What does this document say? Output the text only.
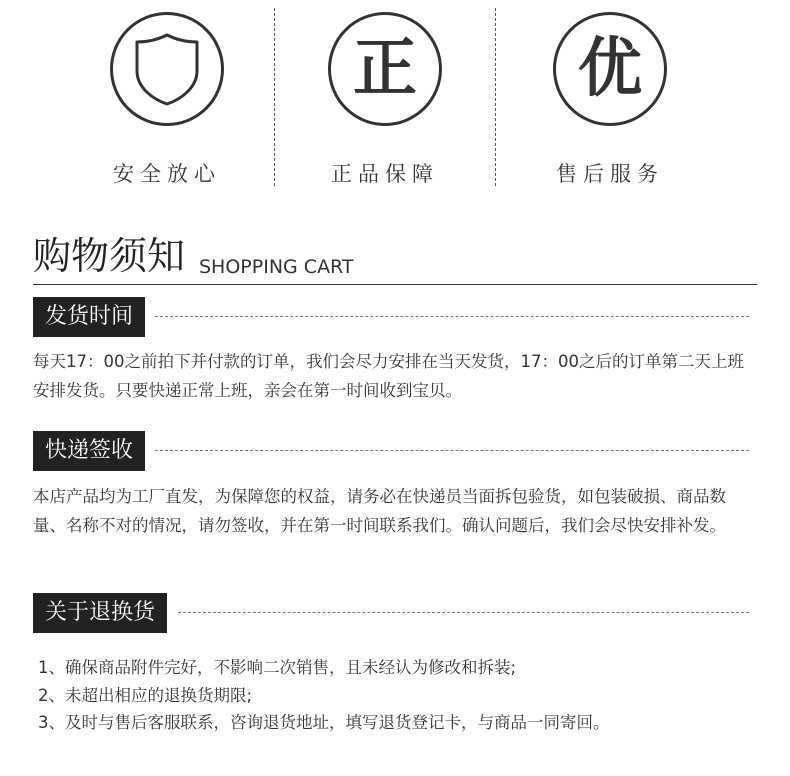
安全放心
正
正品保障
优
售后服务
购物须知 SHOPPING CART
发货时间
每天17：00之前拍下并付款的订单，我们会尽力安排在当天发货，17：00之后的订单第二天上班安排发货。只要快递正常上班，亲会在第一时间收到宝贝。
快递签收
本店产品均为工厂直发，为保障您的权益，请务必在快递员当面拆包验货，如包装破损、商品数量、名称不对的情况，请勿签收，并在第一时间联系我们。确认问题后，我们会尽快安排补发。
关于退换货
1、确保商品附件完好，不影响二次销售，且未经认为修改和拆装;
2、未超出相应的退换货期限;
3、及时与售后客服联系，咨询退货地址，填写退货登记卡，与商品一同寄回。
